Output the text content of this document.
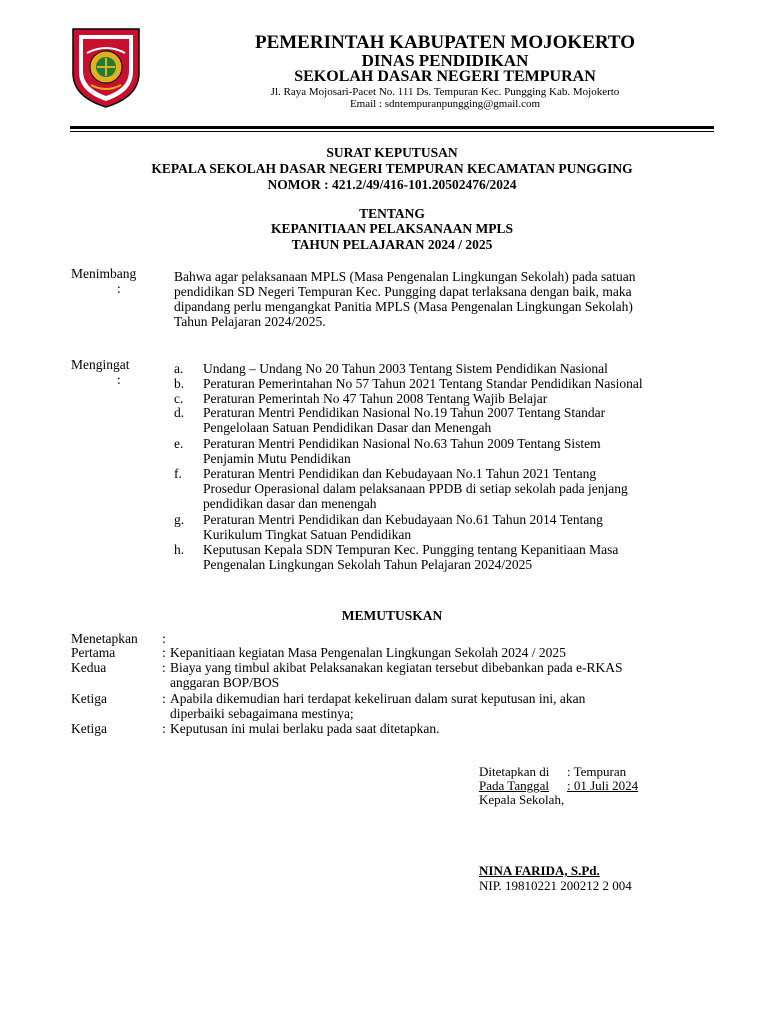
PEMERINTAH KABUPATEN MOJOKERTO
DINAS PENDIDIKAN
SEKOLAH DASAR NEGERI TEMPURAN
Jl. Raya Mojosari-Pacet No. 111 Ds. Tempuran Kec. Pungging Kab. Mojokerto
Email : sdntempuranpungging@gmail.com
SURAT KEPUTUSAN
KEPALA SEKOLAH DASAR NEGERI TEMPURAN KECAMATAN PUNGGING
NOMOR : 421.2/49/416-101.20502476/2024
TENTANG
KEPANITIAAN PELAKSANAAN MPLS
TAHUN PELAJARAN 2024 / 2025
Menimbang
:
Bahwa agar pelaksanaan MPLS (Masa Pengenalan Lingkungan Sekolah) pada satuan
pendidikan SD Negeri Tempuran Kec. Pungging dapat terlaksana dengan baik, maka
dipandang perlu mengangkat Panitia MPLS (Masa Pengenalan Lingkungan Sekolah)
Tahun Pelajaran 2024/2025.
Mengingat
:
a. Undang – Undang No 20 Tahun 2003 Tentang Sistem Pendidikan Nasional
b. Peraturan Pemerintahan No 57 Tahun 2021 Tentang Standar Pendidikan Nasional
c. Peraturan Pemerintah No 47 Tahun 2008 Tentang Wajib Belajar
d. Peraturan Mentri Pendidikan Nasional No.19 Tahun 2007 Tentang Standar
Pengelolaan Satuan Pendidikan Dasar dan Menengah
e. Peraturan Mentri Pendidikan Nasional No.63 Tahun 2009 Tentang Sistem
Penjamin Mutu Pendidikan
f. Peraturan Mentri Pendidikan dan Kebudayaan No.1 Tahun 2021 Tentang
Prosedur Operasional dalam pelaksanaan PPDB di setiap sekolah pada jenjang
pendidikan dasar dan menengah
g. Peraturan Mentri Pendidikan dan Kebudayaan No.61 Tahun 2014 Tentang
Kurikulum Tingkat Satuan Pendidikan
h. Keputusan Kepala SDN Tempuran Kec. Pungging tentang Kepanitiaan Masa
Pengenalan Lingkungan Sekolah Tahun Pelajaran 2024/2025
MEMUTUSKAN
Menetapkan :
Pertama	: Kepanitiaan kegiatan Masa Pengenalan Lingkungan Sekolah 2024 / 2025
Kedua	: Biaya yang timbul akibat Pelaksanakan kegiatan tersebut dibebankan pada e-RKAS
anggaran BOP/BOS
Ketiga	: Apabila dikemudian hari terdapat kekeliruan dalam surat keputusan ini, akan
diperbaiki sebagaimana mestinya;
Ketiga	: Keputusan ini mulai berlaku pada saat ditetapkan.
Ditetapkan di : Tempuran
Pada Tanggal : 01 Juli 2024
Kepala Sekolah,
NINA FARIDA, S.Pd.
NIP. 19810221 200212 2 004
